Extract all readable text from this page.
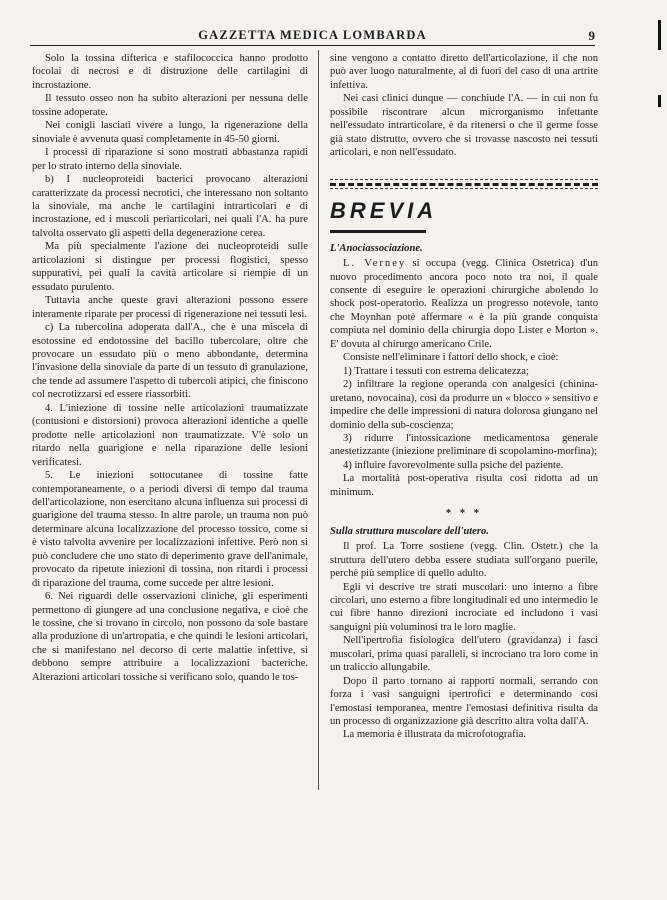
GAZZETTA MEDICA LOMBARDA	9

Solo la tossina difterica e stafilococcica hanno prodotto focolai di necrosi e di distruzione delle cartilagini di incrostazione.

Il tessuto osseo non ha subito alterazioni per nessuna delle tossine adoperate.

Nei conigli lasciati vivere a lungo, la rigenerazione della sinoviale è avvenuta quasi completamente in 45-50 giorni.

I processi di riparazione si sono mostrati abbastanza rapidi per lo strato interno della sinoviale.

b) I nucleoproteidi bacterici provocano alterazioni caratterizzate da processi necrotici, che interessano non soltanto la sinoviale, ma anche le cartilagini intrarticolari e di incrostazione, ed i muscoli periarticolari, nei quali l'A. ha pure talvolta osservato gli aspetti della degenerazione cerea.

Ma più specialmente l'azione dei nucleoproteidi sulle articolazioni si distingue per processi flogistici, spesso suppurativi, pei quali la cavità articolare si riempie di un essudato purulento.

Tuttavia anche queste gravi alterazioni possono essere interamente riparate per processi di rigenerazione nei tessuti lesi.

c) La tubercolina adoperata dall'A., che è una miscela di esotossine ed endotossine del bacillo tubercolare, oltre che provocare un essudato più o meno abbondante, determina l'invasione della sinoviale da parte di un tessuto di granulazione, che tende ad assumere l'aspetto di tubercoli atipici, che finiscono col necrotizzarsi ed essere riassorbiti.

4. L'iniezione di tossine nelle articolazioni traumatizzate (contusioni e distorsioni) provoca alterazioni identiche a quelle prodotte nelle articolazioni non traumatizzate. V'è solo un ritardo nella guarigione e nella riparazione delle lesioni verificatesi.

5. Le iniezioni sottocutanee di tossine fatte contemporaneamente, o a periodi diversi di tempo dal trauma dell'articolazione, non esercitano alcuna influenza sui processi di guarigione del trauma stesso. In altre parole, un trauma non può determinare alcuna localizzazione del processo tossico, come si è visto talvolta avvenire per localizzazioni infettive. Però non si può concludere che uno stato di deperimento grave dell'animale, provocato da ripetute iniezioni di tossina, non ritardi i processi di riparazione del trauma, come succede per altre lesioni.

6. Nei riguardi delle osservazioni cliniche, gli esperimenti permettono di giungere ad una conclusione negativa, e cioè che le tossine, che si trovano in circolo, non possono da sole bastare alla produzione di un'artropatia, e che quindi le lesioni articolari, che si manifestano nel decorso di certe malattie infettive, si debbono sempre attribuire a localizzazioni bacteriche. Alterazioni articolari tossiche si verificano solo, quando le tos-

sine vengono a contatto diretto dell'articolazione, il che non può aver luogo naturalmente, al di fuori del caso di una artrite infettiva.

Nei casi clinici dunque — conchiude l'A. — in cui non fu possibile riscontrare alcun microrganismo infettante nell'essudato intrarticolare, è da ritenersi o che il germe fosse già stato distrutto, ovvero che si trovasse nascosto nei tessuti articolari, e non nell'essudato.

BREVIA

L'Anociassociazione.

L. Verney si occupa (vegg. Clinica Ostetrica) d'un nuovo procedimento ancora poco noto tra noi, il quale consente di eseguire le operazioni chirurgiche abolendo lo shock post-operatorio. Realizza un progresso notevole, tanto che Moynhan potè affermare « è la più grande conquista compiuta nel dominio della chirurgia dopo Lister e Morton ». E' dovuta al chirurgo americano Crile.

Consiste nell'eliminare i fattori dello shock, e cioè:

1) Trattare i tessuti con estrema delicatezza;

2) infiltrare la regione operanda con analgesici (chinina-uretano, novocaina), così da produrre un « blocco » sensitivo e impedire che delle impressioni di natura dolorosa giungano nel dominio della sub-coscienza;

3) ridurre l'intossicazione medicamentosa generale anestetizzante (iniezione preliminare di scopolamino-morfina);

4) influire favorevolmente sulla psiche del paziente.

La mortalità post-operativa risulta così ridotta ad un minimum.

* * *

Sulla struttura muscolare dell'utero.

Il prof. La Torre sostiene (vegg. Clin. Ostetr.) che la struttura dell'utero debba essere studiata sull'organo puerile, perchè più semplice di quello adulto.

Egli vi descrive tre strati muscolari: uno interno a fibre circolari, uno esterno a fibre longitudinali ed uno intermedio le cui fibre hanno direzioni incrociate ed includono i vasi sanguigni più voluminosi tra le loro maglie.

Nell'ipertrofia fisiologica dell'utero (gravidanza) i fasci muscolari, prima quasi paralleli, si incrociano tra loro come in un traliccio allungabile.

Dopo il parto tornano ai rapporti normali, serrando con forza i vasi sanguigni ipertrofici e determinando così l'emostasi temporanea, mentre l'emostasi definitiva risulta da un processo di organizzazione già descritto altra volta dall'A.

La memoria è illustrata da microfotografia.
